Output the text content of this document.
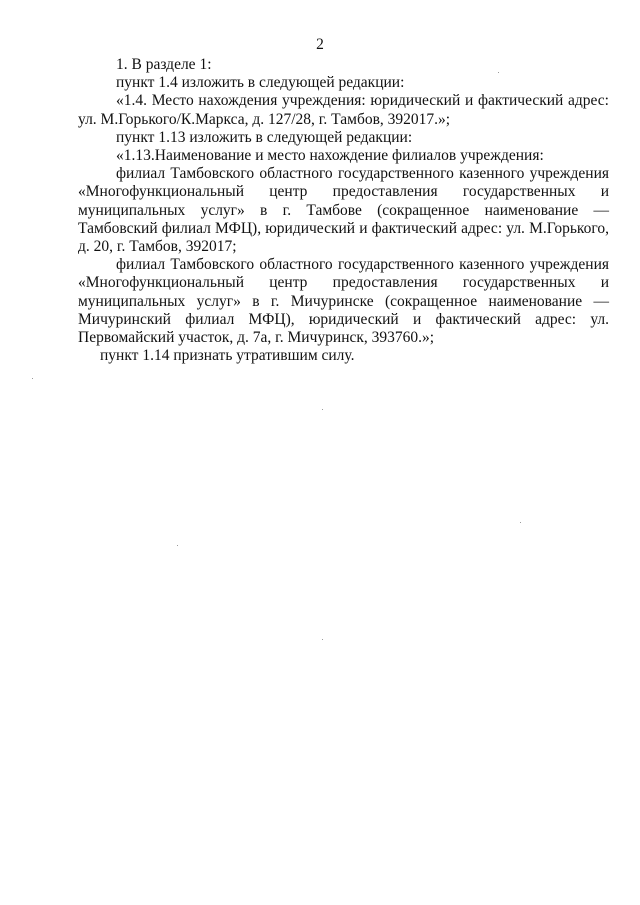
2

1. В разделе 1:

пункт 1.4 изложить в следующей редакции:

«1.4. Место нахождения учреждения: юридический и фактический адрес: ул. М.Горького/К.Маркса, д. 127/28, г. Тамбов, 392017.»;

пункт 1.13 изложить в следующей редакции:

«1.13.Наименование и место нахождение филиалов учреждения:

филиал Тамбовского областного государственного казенного учреждения «Многофункциональный центр предоставления государственных и муниципальных услуг» в г. Тамбове (сокращенное наименование — Тамбовский филиал МФЦ), юридический и фактический адрес: ул. М.Горького, д. 20, г. Тамбов, 392017;

филиал Тамбовского областного государственного казенного учреждения «Многофункциональный центр предоставления государственных и муниципальных услуг» в г. Мичуринске (сокращенное наименование — Мичуринский филиал МФЦ), юридический и фактический адрес: ул. Первомайский участок, д. 7а, г. Мичуринск, 393760.»;

пункт 1.14 признать утратившим силу.
